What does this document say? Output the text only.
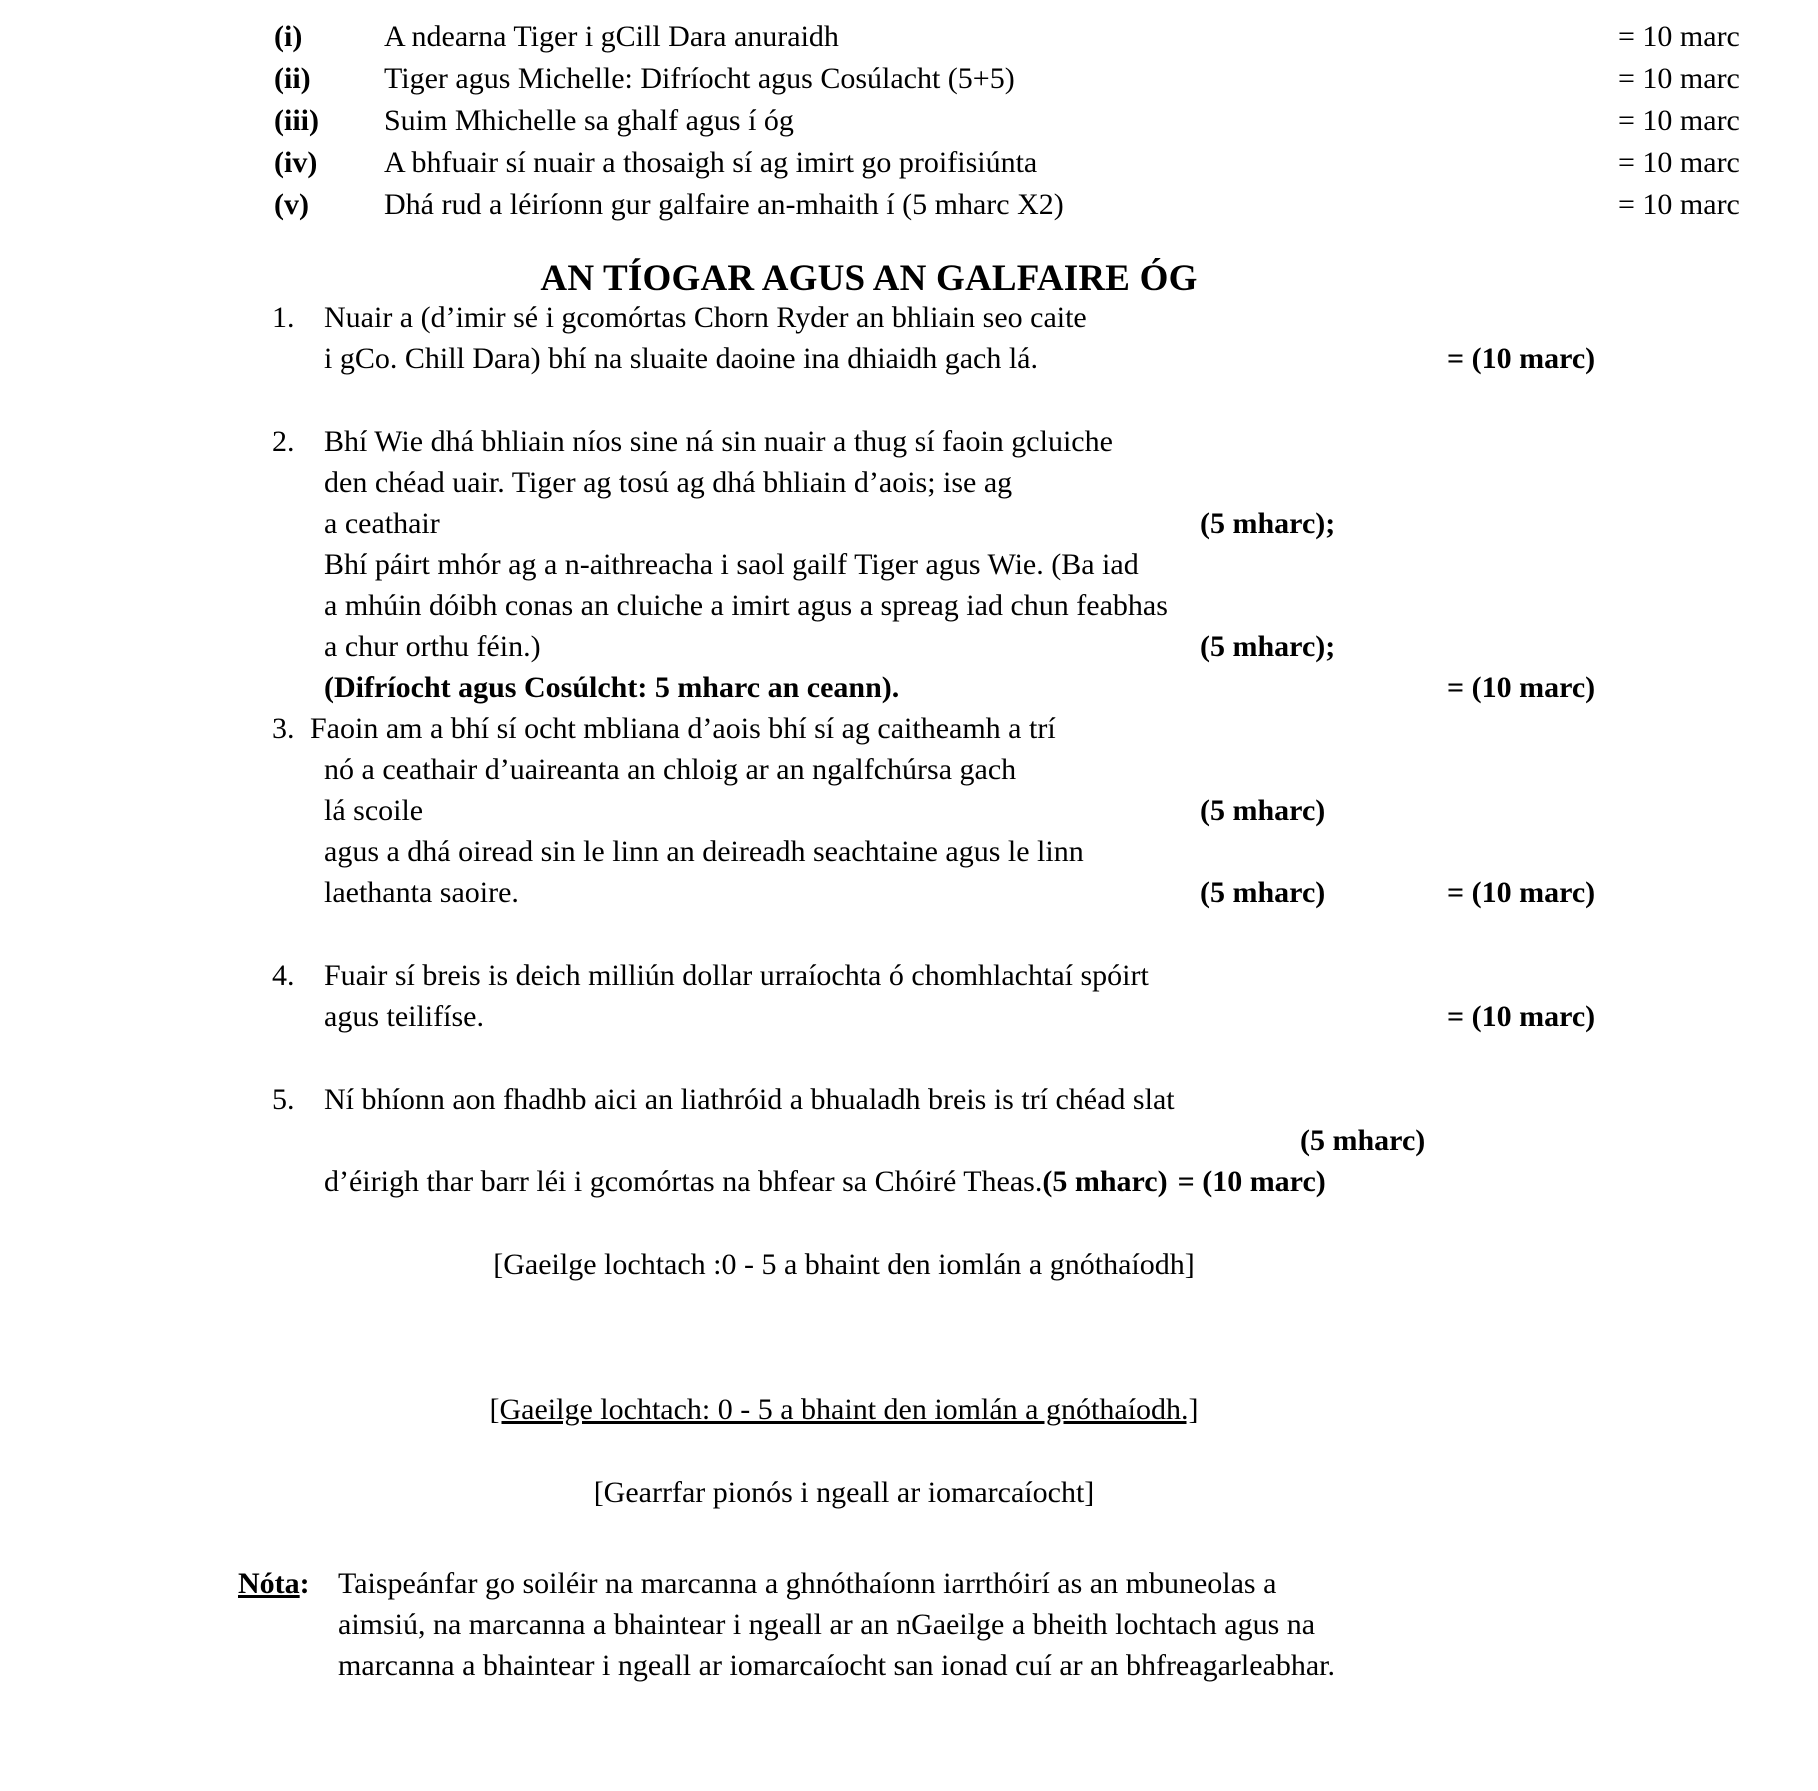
(i)	A ndearna Tiger i gCill Dara anuraidh	= 10 marc
(ii)	Tiger agus Michelle: Difríocht agus Cosúlacht (5+5)	= 10 marc
(iii)	Suim Mhichelle sa ghalf agus í óg	= 10 marc
(iv)	A bhfuair sí nuair a thosaigh sí ag imirt go proifisiúnta	= 10 marc
(v)	Dhá rud a léiríonn gur galfaire an-mhaith í (5 mharc X2)	= 10 marc
AN TÍOGAR AGUS AN GALFAIRE ÓG
1. Nuair a (d’imir sé i gcomórtas Chorn Ryder an bhliain seo caite
i gCo. Chill Dara) bhí na sluaite daoine ina dhiaidh gach lá.	= (10 marc)
2. Bhí Wie dhá bhliain níos sine ná sin nuair a thug sí faoin gcluiche
den chéad uair. Tiger ag tosú ag dhá bhliain d’aois; ise ag
a ceathair	(5 mharc);
Bhí páirt mhór ag a n-aithreacha i saol gailf Tiger agus Wie. (Ba iad
a mhúin dóibh conas an cluiche a imirt agus a spreag iad chun feabhas
a chur orthu féin.)	(5 mharc);
(Difríocht agus Cosúlcht: 5 mharc an ceann).	= (10 marc)
3. Faoin am a bhí sí ocht mbliana d’aois bhí sí ag caitheamh a trí
nó a ceathair d’uaireanta an chloig ar an ngalfchúrsa gach
lá scoile	(5 mharc)
agus a dhá oiread sin le linn an deireadh seachtaine agus le linn
laethanta saoire.	(5 mharc)	= (10 marc)
4. Fuair sí breis is deich milliún dollar urraíochta ó chomhlachtaí spóirt
agus teilifíse.	= (10 marc)
5. Ní bhíonn aon fhadhb aici an liathróid a bhualadh breis is trí chéad slat

(5 mharc)
d’éirigh thar barr léi i gcomórtas na bhfear sa Chóiré Theas. (5 mharc) = (10 marc)
[Gaeilge lochtach :0 - 5 a bhaint den iomlán a gnóthaíodh]
[Gaeilge lochtach: 0 - 5 a bhaint den iomlán a gnóthaíodh.]
[Gearrfar pionós i ngeall ar iomarcaíocht]
Nóta: Taispeánfar go soiléir na marcanna a ghnóthaíonn iarrthóirí as an mbuneolas a
aimsiú, na marcanna a bhaintear i ngeall ar an nGaeilge a bheith lochtach agus na
marcanna a bhaintear i ngeall ar iomarcaíocht san ionad cuí ar an bhfreagarleabhar.
